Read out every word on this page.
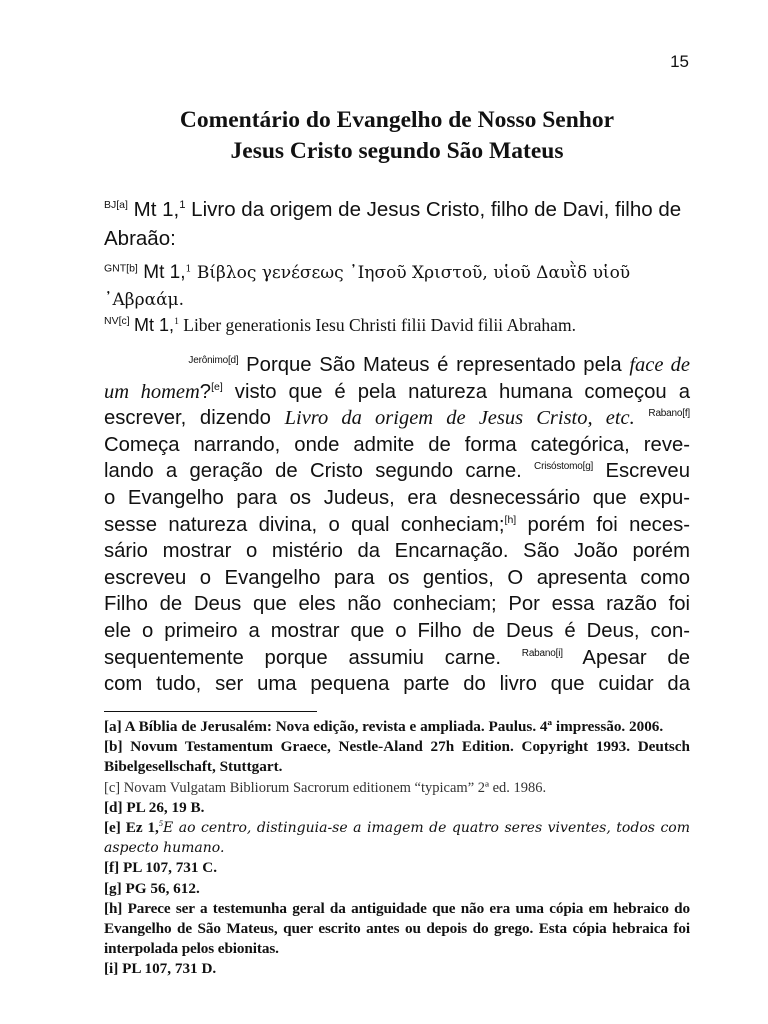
15
Comentário do Evangelho de Nosso Senhor
Jesus Cristo segundo São Mateus
$^{BJ[a]}$ Mt 1,$^1$ Livro da origem de Jesus Cristo, filho de Davi, filho de Abraão:
$^{GNT[b]}$ Mt 1,$^1$ Βίβλος γενέσεως ᾿Ιησοῦ Χριστοῦ, υἱοῦ Δαυῒδ υἱοῦ ᾿Αβραάμ.
$^{NV[c]}$ Mt 1,$^1$ Liber generationis Iesu Christi filii David filii Abraham.
$^{Jerônimo[d]}$ Porque São Mateus é representado pela face de
um homem?[e] visto que é pela natureza humana começou a
escrever, dizendo Livro da origem de Jesus Cristo, etc. $^{Rabano[f]}$
Começa narrando, onde admite de forma categórica, reve-
lando a geração de Cristo segundo carne. $^{Crisóstomo[g]}$ Escreveu
o Evangelho para os Judeus, era desnecessário que expu-
sesse natureza divina, o qual conheciam;[h] porém foi neces-
sário mostrar o mistério da Encarnação. São João porém
escreveu o Evangelho para os gentios, O apresenta como
Filho de Deus que eles não conheciam; Por essa razão foi
ele o primeiro a mostrar que o Filho de Deus é Deus, con-
sequentemente porque assumiu carne. $^{Rabano[i]}$ Apesar de
com tudo, ser uma pequena parte do livro que cuidar da
[a] A Bíblia de Jerusalém: Nova edição, revista e ampliada. Paulus. 4ª impressão. 2006.
[b] Novum Testamentum Graece, Nestle-Aland 27h Edition. Copyright 1993. Deutsch Bibelgesellschaft, Stuttgart.
[c] Novam Vulgatam Bibliorum Sacrorum editionem “typicam” 2ª ed. 1986.
[d] PL 26, 19 B.
[e] Ez 1,$^5$E ao centro, distinguia-se a imagem de quatro seres viventes, todos com aspecto humano.
[f] PL 107, 731 C.
[g] PG 56, 612.
[h] Parece ser a testemunha geral da antiguidade que não era uma cópia em hebraico do Evangelho de São Mateus, quer escrito antes ou depois do grego. Esta cópia hebraica foi interpolada pelos ebionitas.
[i] PL 107, 731 D.
